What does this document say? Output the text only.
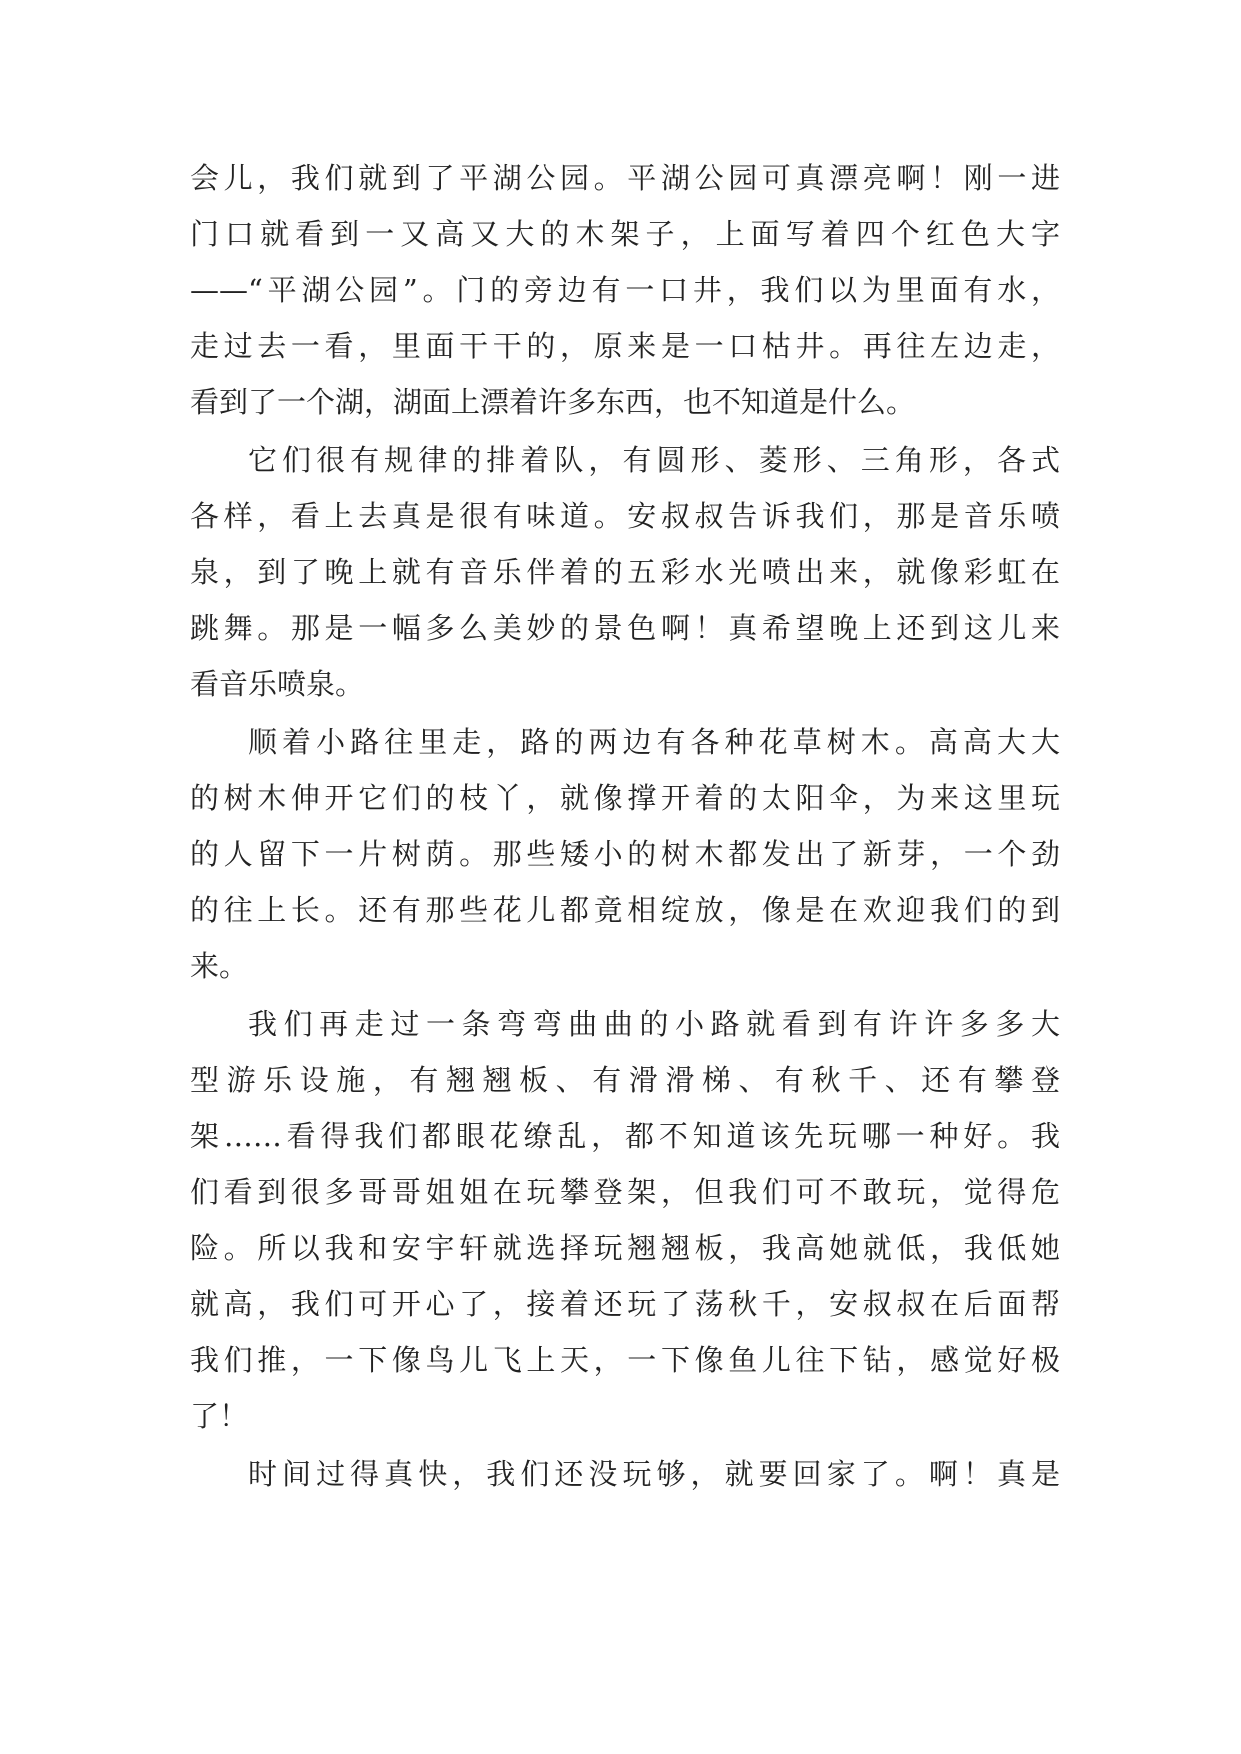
会儿，我们就到了平湖公园。平湖公园可真漂亮啊！刚一进
门口就看到一又高又大的木架子，上面写着四个红色大字
——“平湖公园”。门的旁边有一口井，我们以为里面有水，
走过去一看，里面干干的，原来是一口枯井。再往左边走，
看到了一个湖，湖面上漂着许多东西，也不知道是什么。
它们很有规律的排着队，有圆形、菱形、三角形，各式
各样，看上去真是很有味道。安叔叔告诉我们，那是音乐喷
泉，到了晚上就有音乐伴着的五彩水光喷出来，就像彩虹在
跳舞。那是一幅多么美妙的景色啊！真希望晚上还到这儿来
看音乐喷泉。
顺着小路往里走，路的两边有各种花草树木。高高大大
的树木伸开它们的枝丫，就像撑开着的太阳伞，为来这里玩
的人留下一片树荫。那些矮小的树木都发出了新芽，一个劲
的往上长。还有那些花儿都竟相绽放，像是在欢迎我们的到
来。
我们再走过一条弯弯曲曲的小路就看到有许许多多大
型游乐设施，有翘翘板、有滑滑梯、有秋千、还有攀登
架……看得我们都眼花缭乱，都不知道该先玩哪一种好。我
们看到很多哥哥姐姐在玩攀登架，但我们可不敢玩，觉得危
险。所以我和安宇轩就选择玩翘翘板，我高她就低，我低她
就高，我们可开心了，接着还玩了荡秋千，安叔叔在后面帮
我们推，一下像鸟儿飞上天，一下像鱼儿往下钻，感觉好极
了！
时间过得真快，我们还没玩够，就要回家了。啊！真是
